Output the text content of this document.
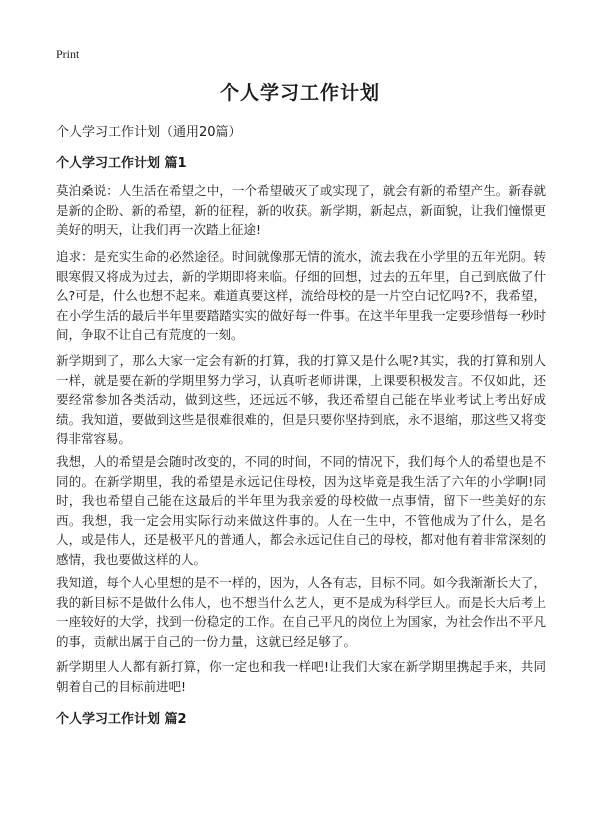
Print
个人学习工作计划

个人学习工作计划（通用20篇）

个人学习工作计划 篇1

莫泊桑说：人生活在希望之中，一个希望破灭了或实现了，就会有新的希望产生。新春就是新的企盼、新的希望，新的征程，新的收获。新学期，新起点，新面貌，让我们憧憬更美好的明天，让我们再一次踏上征途!

追求：是充实生命的必然途径。时间就像那无情的流水，流去我在小学里的五年光阴。转眼寒假又将成为过去，新的学期即将来临。仔细的回想，过去的五年里，自己到底做了什么?可是，什么也想不起来。难道真要这样，流给母校的是一片空白记忆吗?不，我希望，在小学生活的最后半年里要踏踏实实的做好每一件事。在这半年里我一定要珍惜每一秒时间，争取不让自己有荒度的一刻。

新学期到了，那么大家一定会有新的打算，我的打算又是什么呢?其实，我的打算和别人一样，就是要在新的学期里努力学习，认真听老师讲课，上课要积极发言。不仅如此，还要经常参加各类活动，做到这些，还远远不够，我还希望自己能在毕业考试上考出好成绩。我知道，要做到这些是很难很难的，但是只要你坚持到底，永不退缩，那这些又将变得非常容易。

我想，人的希望是会随时改变的，不同的时间，不同的情况下，我们每个人的希望也是不同的。在新学期里，我的希望是永远记住母校，因为这毕竟是我生活了六年的小学啊!同时，我也希望自己能在这最后的半年里为我亲爱的母校做一点事情，留下一些美好的东西。我想，我一定会用实际行动来做这件事的。人在一生中，不管他成为了什么，是名人，或是伟人，还是极平凡的普通人，都会永远记住自己的母校，都对他有着非常深刻的感情，我也要做这样的人。

我知道，每个人心里想的是不一样的，因为，人各有志，目标不同。如今我渐渐长大了，我的新目标不是做什么伟人，也不想当什么艺人，更不是成为科学巨人。而是长大后考上一座较好的大学，找到一份稳定的工作。在自己平凡的岗位上为国家，为社会作出不平凡的事，贡献出属于自己的一份力量，这就已经足够了。

新学期里人人都有新打算，你一定也和我一样吧!让我们大家在新学期里携起手来，共同朝着自己的目标前进吧!

个人学习工作计划 篇2
